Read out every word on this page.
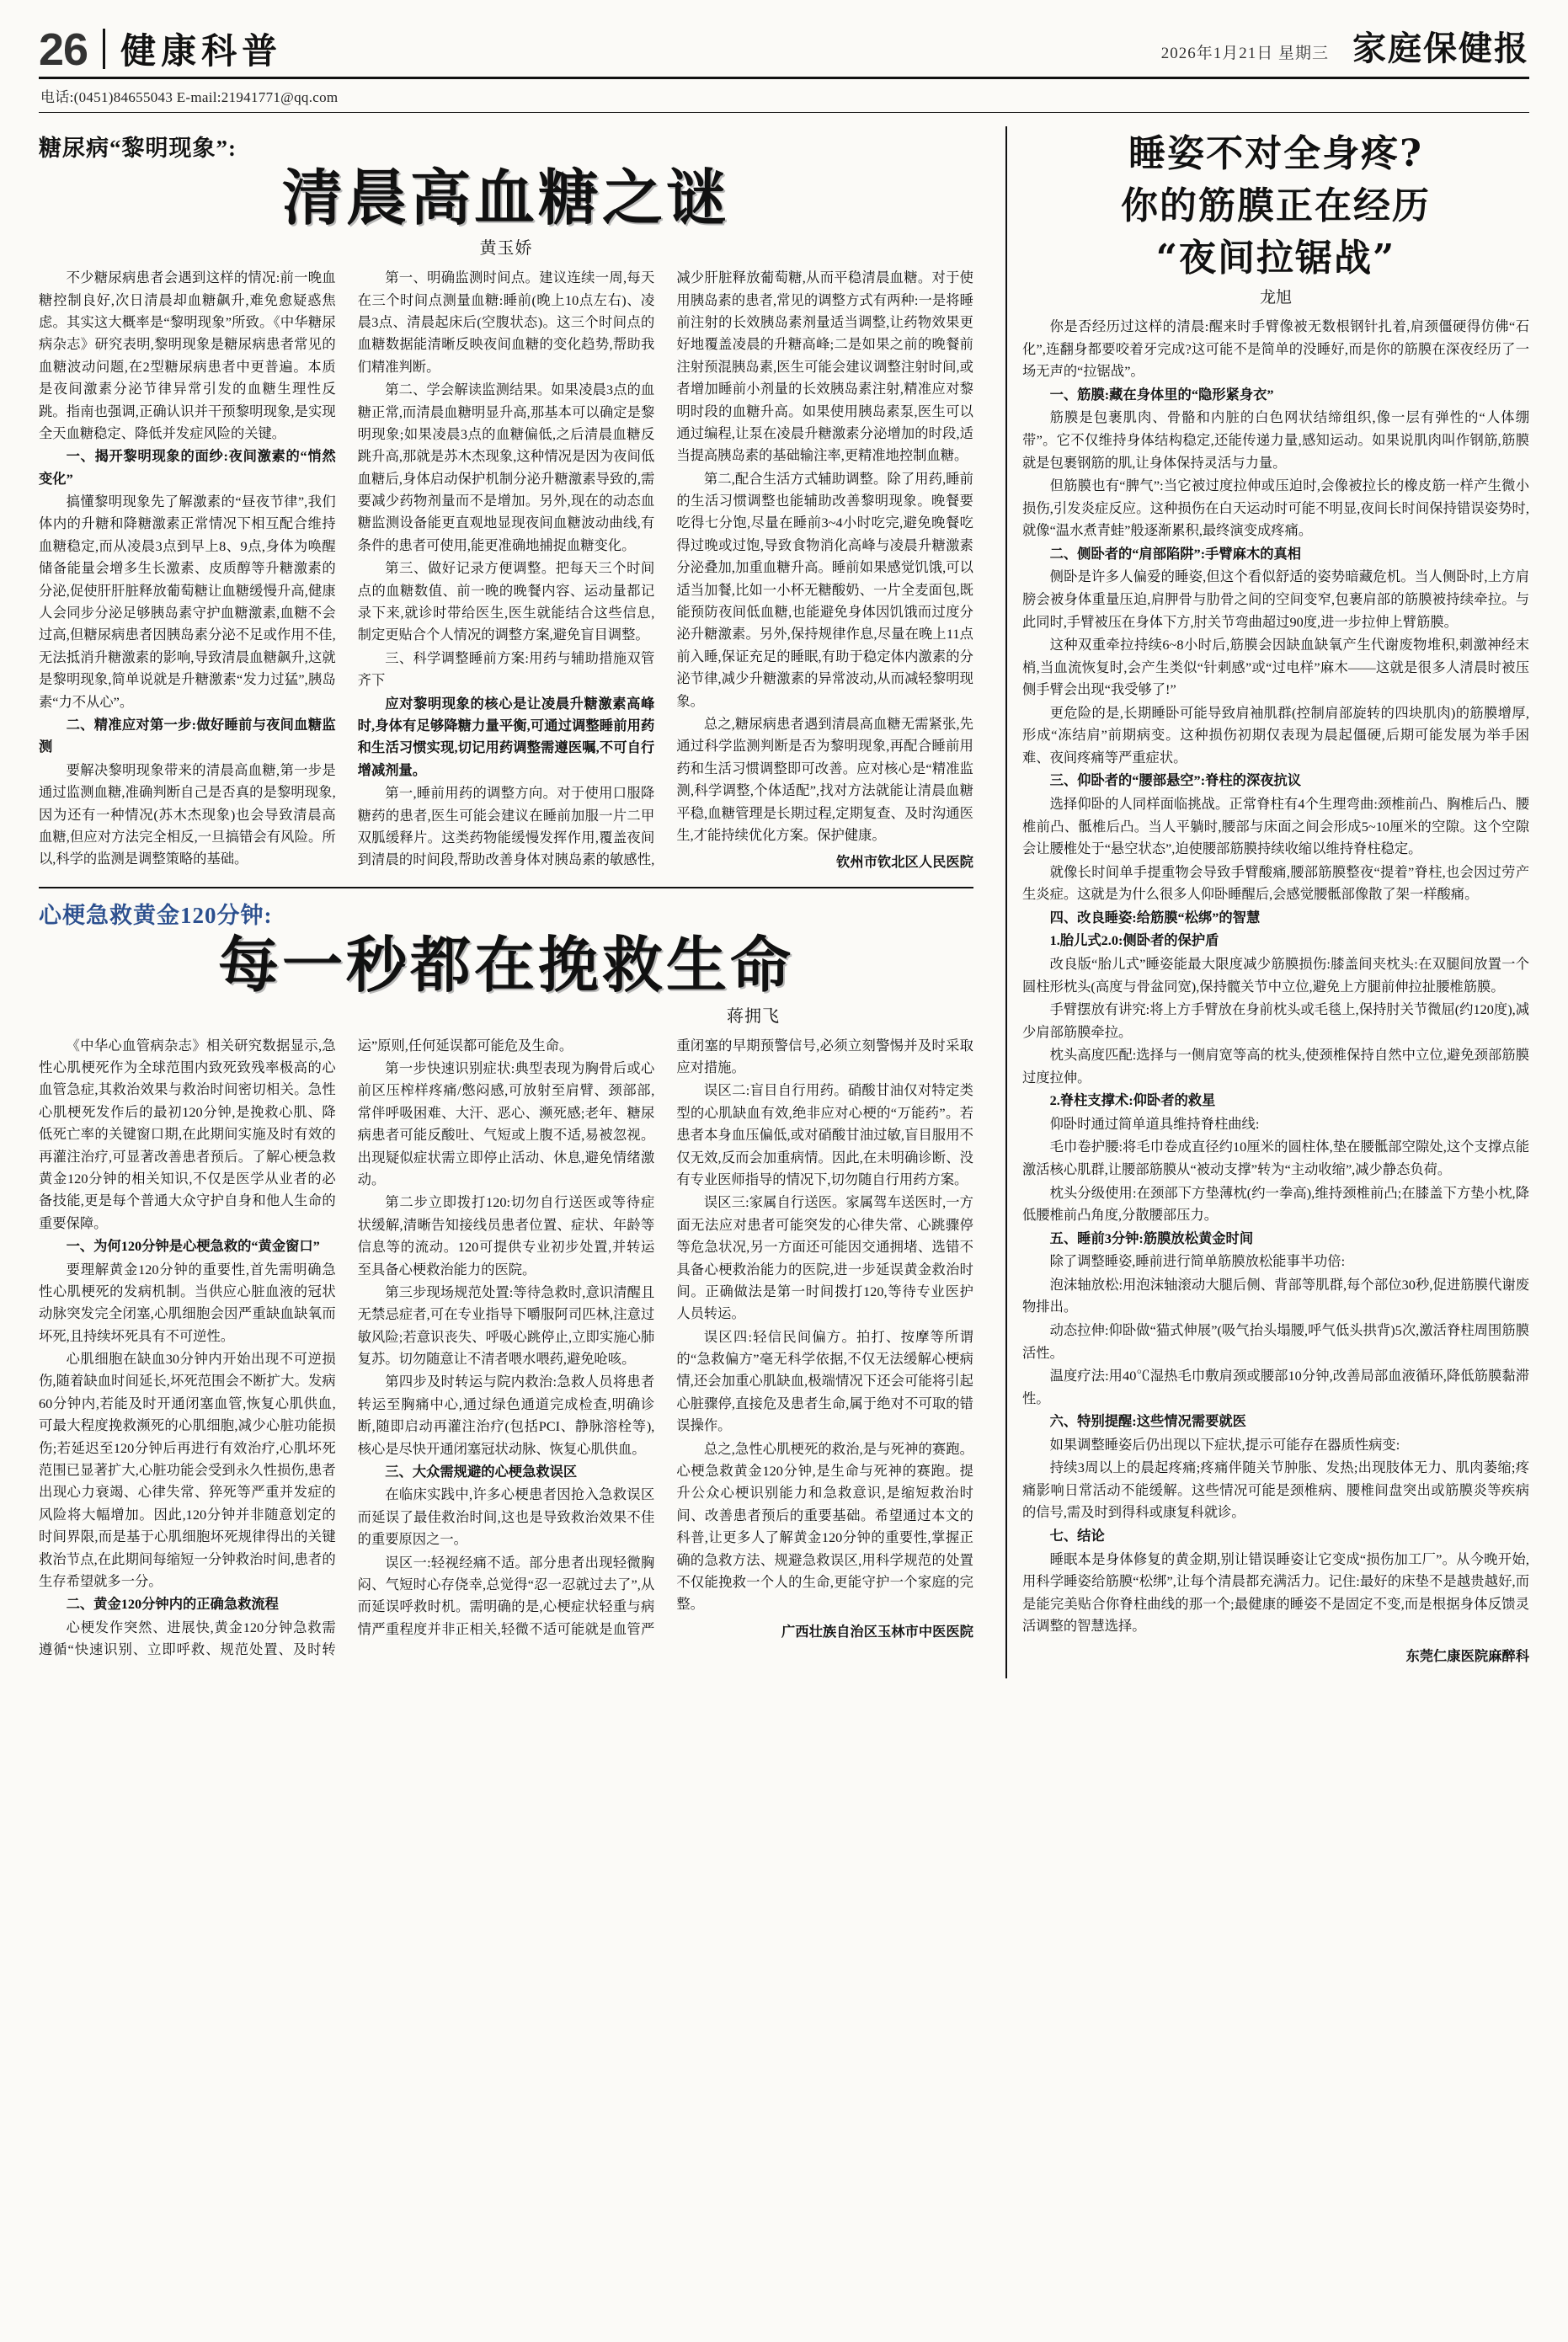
26 健康科普	2026年1月21日 星期三 家庭保健报
电话:(0451)84655043 E-mail:21941771@qq.com
糖尿病“黎明现象”:
清晨高血糖之谜
黄玉娇

不少糖尿病患者会遇到这样的情况:前一晚血糖控制良好,次日清晨却血糖飙升,难免愈疑惑焦虑。其实这大概率是“黎明现象”所致。《中华糖尿病杂志》研究表明,黎明现象是糖尿病患者常见的血糖波动问题,在2型糖尿病患者中更普遍。本质是夜间激素分泌节律异常引发的血糖生理性反跳。指南也强调,正确认识并干预黎明现象,是实现全天血糖稳定、降低并发症风险的关键。

一、揭开黎明现象的面纱:夜间激素的“悄然变化”

搞懂黎明现象先了解激素的“昼夜节律”,我们体内的升糖和降糖激素正常情况下相互配合维持血糖稳定,而从凌晨3点到早上8、9点,身体为唤醒储备能量会增多生长激素、皮质醇等升糖激素的分泌,促使肝肝脏释放葡萄糖让血糖缓慢升高,健康人会同步分泌足够胰岛素守护血糖激素,血糖不会过高,但糖尿病患者因胰岛素分泌不足或作用不佳,无法抵消升糖激素的影响,导致清晨血糖飙升,这就是黎明现象,简单说就是升糖激素“发力过猛”,胰岛素“力不从心”。

二、精准应对第一步:做好睡前与夜间血糖监测

要解决黎明现象带来的清晨高血糖,第一步是通过监测血糖,准确判断自己是否真的是黎明现象,因为还有一种情况(苏木杰现象)也会导致清晨高血糖,但应对方法完全相反,一旦搞错会有风险。所以,科学的监测是调整策略的基础。

第一、明确监测时间点。建议连续一周,每天在三个时间点测量血糖:睡前(晚上10点左右)、凌晨3点、清晨起床后(空腹状态)。这三个时间点的血糖数据能清晰反映夜间血糖的变化趋势,帮助我们精准判断。

第二、学会解读监测结果。如果凌晨3点的血糖正常,而清晨血糖明显升高,那基本可以确定是黎明现象;如果凌晨3点的血糖偏低,之后清晨血糖反跳升高,那就是苏木杰现象,这种情况是因为夜间低血糖后,身体启动保护机制分泌升糖激素导致的,需要减少药物剂量而不是增加。另外,现在的动态血糖监测设备能更直观地显现夜间血糖波动曲线,有条件的患者可使用,能更准确地捕捉血糖变化。

第三、做好记录方便调整。把每天三个时间点的血糖数值、前一晚的晚餐内容、运动量都记录下来,就诊时带给医生,医生就能结合这些信息,制定更贴合个人情况的调整方案,避免盲目调整。

三、科学调整睡前方案:用药与辅助措施双管齐下

应对黎明现象的核心是让凌晨升糖激素高峰时,身体有足够降糖力量平衡,可通过调整睡前用药和生活习惯实现,切记用药调整需遵医嘱,不可自行增减剂量。

第一,睡前用药的调整方向。对于使用口服降糖药的患者,医生可能会建议在睡前加服一片二甲双胍缓释片。这类药物能缓慢发挥作用,覆盖夜间到清晨的时间段,帮助改善身体对胰岛素的敏感性,减少肝脏释放葡萄糖,从而平稳清晨血糖。对于使用胰岛素的患者,常见的调整方式有两种:一是将睡前注射的长效胰岛素剂量适当调整,让药物效果更好地覆盖凌晨的升糖高峰;二是如果之前的晚餐前注射预混胰岛素,医生可能会建议调整注射时间,或者增加睡前小剂量的长效胰岛素注射,精准应对黎明时段的血糖升高。如果使用胰岛素泵,医生可以通过编程,让泵在凌晨升糖激素分泌增加的时段,适当提高胰岛素的基础输注率,更精准地控制血糖。

第二,配合生活方式辅助调整。除了用药,睡前的生活习惯调整也能辅助改善黎明现象。晚餐要吃得七分饱,尽量在睡前3~4小时吃完,避免晚餐吃得过晚或过饱,导致食物消化高峰与凌晨升糖激素分泌叠加,加重血糖升高。睡前如果感觉饥饿,可以适当加餐,比如一小杯无糖酸奶、一片全麦面包,既能预防夜间低血糖,也能避免身体因饥饿而过度分泌升糖激素。另外,保持规律作息,尽量在晚上11点前入睡,保证充足的睡眠,有助于稳定体内激素的分泌节律,减少升糖激素的异常波动,从而减轻黎明现象。

总之,糖尿病患者遇到清晨高血糖无需紧张,先通过科学监测判断是否为黎明现象,再配合睡前用药和生活习惯调整即可改善。应对核心是“精准监测,科学调整,个体适配”,找对方法就能让清晨血糖平稳,血糖管理是长期过程,定期复查、及时沟通医生,才能持续优化方案。保护健康。

钦州市钦北区人民医院

心梗急救黄金120分钟:
每一秒都在挽救生命
蒋拥飞

《中华心血管病杂志》相关研究数据显示,急性心肌梗死作为全球范围内致死致残率极高的心血管急症,其救治效果与救治时间密切相关。急性心肌梗死发作后的最初120分钟,是挽救心肌、降低死亡率的关键窗口期,在此期间实施及时有效的再灌注治疗,可显著改善患者预后。了解心梗急救黄金120分钟的相关知识,不仅是医学从业者的必备技能,更是每个普通大众守护自身和他人生命的重要保障。

一、为何120分钟是心梗急救的“黄金窗口”

要理解黄金120分钟的重要性,首先需明确急性心肌梗死的发病机制。当供应心脏血液的冠状动脉突发完全闭塞,心肌细胞会因严重缺血缺氧而坏死,且持续坏死具有不可逆性。

心肌细胞在缺血30分钟内开始出现不可逆损伤,随着缺血时间延长,坏死范围会不断扩大。发病60分钟内,若能及时开通闭塞血管,恢复心肌供血,可最大程度挽救濒死的心肌细胞,减少心脏功能损伤;若延迟至120分钟后再进行有效治疗,心肌坏死范围已显著扩大,心脏功能会受到永久性损伤,患者出现心力衰竭、心律失常、猝死等严重并发症的风险将大幅增加。因此,120分钟并非随意划定的时间界限,而是基于心肌细胞坏死规律得出的关键救治节点,在此期间每缩短一分钟救治时间,患者的生存希望就多一分。

二、黄金120分钟内的正确急救流程

心梗发作突然、进展快,黄金120分钟急救需遵循“快速识别、立即呼救、规范处置、及时转运”原则,任何延误都可能危及生命。

第一步快速识别症状:典型表现为胸骨后或心前区压榨样疼痛/憋闷感,可放射至肩臂、颈部部,常伴呼吸困难、大汗、恶心、濒死感;老年、糖尿病患者可能反酸吐、气短或上腹不适,易被忽视。出现疑似症状需立即停止活动、休息,避免情绪激动。

第二步立即拨打120:切勿自行送医或等待症状缓解,清晰告知接线员患者位置、症状、年龄等信息等的流动。120可提供专业初步处置,并转运至具备心梗救治能力的医院。

第三步现场规范处置:等待急救时,意识清醒且无禁忌症者,可在专业指导下嚼服阿司匹林,注意过敏风险;若意识丧失、呼吸心跳停止,立即实施心肺复苏。切勿随意让不清者喂水喂药,避免呛咳。

第四步及时转运与院内救治:急救人员将患者转运至胸痛中心,通过绿色通道完成检查,明确诊断,随即启动再灌注治疗(包括PCI、静脉溶栓等),核心是尽快开通闭塞冠状动脉、恢复心肌供血。

三、大众需规避的心梗急救误区

在临床实践中,许多心梗患者因抢入急救误区而延误了最佳救治时间,这也是导致救治效果不佳的重要原因之一。

误区一:轻视经痛不适。部分患者出现轻微胸闷、气短时心存侥幸,总觉得“忍一忍就过去了”,从而延误呼救时机。需明确的是,心梗症状轻重与病情严重程度并非正相关,轻微不适可能就是血管严重闭塞的早期预警信号,必须立刻警惕并及时采取应对措施。

误区二:盲目自行用药。硝酸甘油仅对特定类型的心肌缺血有效,绝非应对心梗的“万能药”。若患者本身血压偏低,或对硝酸甘油过敏,盲目服用不仅无效,反而会加重病情。因此,在未明确诊断、没有专业医师指导的情况下,切勿随自行用药方案。

误区三:家属自行送医。家属驾车送医时,一方面无法应对患者可能突发的心律失常、心跳骤停等危急状况,另一方面还可能因交通拥堵、选错不具备心梗救治能力的医院,进一步延误黄金救治时间。正确做法是第一时间拨打120,等待专业医护人员转运。

误区四:轻信民间偏方。拍打、按摩等所谓的“急救偏方”毫无科学依据,不仅无法缓解心梗病情,还会加重心肌缺血,极端情况下还会可能将引起心脏骤停,直接危及患者生命,属于绝对不可取的错误操作。

总之,急性心肌梗死的救治,是与死神的赛跑。心梗急救黄金120分钟,是生命与死神的赛跑。提升公众心梗识别能力和急救意识,是缩短救治时间、改善患者预后的重要基础。希望通过本文的科普,让更多人了解黄金120分钟的重要性,掌握正确的急救方法、规避急救误区,用科学规范的处置不仅能挽救一个人的生命,更能守护一个家庭的完整。

广西壮族自治区玉林市中医医院

睡姿不对全身疼?
你的筋膜正在经历
“夜间拉锯战”
龙旭

你是否经历过这样的清晨:醒来时手臂像被无数根钢针扎着,肩颈僵硬得仿佛“石化”,连翻身都要咬着牙完成?这可能不是简单的没睡好,而是你的筋膜在深夜经历了一场无声的“拉锯战”。

一、筋膜:藏在身体里的“隐形紧身衣”

筋膜是包裹肌肉、骨骼和内脏的白色网状结缔组织,像一层有弹性的“人体绷带”。它不仅维持身体结构稳定,还能传递力量,感知运动。如果说肌肉叫作钢筋,筋膜就是包裹钢筋的肌,让身体保持灵活与力量。

但筋膜也有“脾气”:当它被过度拉伸或压迫时,会像被拉长的橡皮筋一样产生微小损伤,引发炎症反应。这种损伤在白天运动时可能不明显,夜间长时间保持错误姿势时,就像“温水煮青蛙”般逐渐累积,最终演变成疼痛。

二、侧卧者的“肩部陷阱”:手臂麻木的真相

侧卧是许多人偏爱的睡姿,但这个看似舒适的姿势暗藏危机。当人侧卧时,上方肩膀会被身体重量压迫,肩胛骨与肋骨之间的空间变窄,包裹肩部的筋膜被持续牵拉。与此同时,手臂被压在身体下方,肘关节弯曲超过90度,进一步拉伸上臂筋膜。

这种双重牵拉持续6~8小时后,筋膜会因缺血缺氧产生代谢废物堆积,刺激神经末梢,当血流恢复时,会产生类似“针刺感”或“过电样”麻木——这就是很多人清晨时被压侧手臂会出现“我受够了!”

更危险的是,长期睡卧可能导致肩袖肌群(控制肩部旋转的四块肌肉)的筋膜增厚,形成“冻结肩”前期病变。这种损伤初期仅表现为晨起僵硬,后期可能发展为举手困难、夜间疼痛等严重症状。

三、仰卧者的“腰部悬空”:脊柱的深夜抗议

选择仰卧的人同样面临挑战。正常脊柱有4个生理弯曲:颈椎前凸、胸椎后凸、腰椎前凸、骶椎后凸。当人平躺时,腰部与床面之间会形成5~10厘米的空隙。这个空隙会让腰椎处于“悬空状态”,迫使腰部筋膜持续收缩以维持脊柱稳定。

就像长时间单手提重物会导致手臂酸痛,腰部筋膜整夜“提着”脊柱,也会因过劳产生炎症。这就是为什么很多人仰卧睡醒后,会感觉腰骶部像散了架一样酸痛。

四、改良睡姿:给筋膜“松绑”的智慧

1.胎儿式2.0:侧卧者的保护盾

改良版“胎儿式”睡姿能最大限度减少筋膜损伤:膝盖间夹枕头:在双腿间放置一个圆柱形枕头(高度与骨盆同宽),保持髋关节中立位,避免上方腿前伸拉扯腰椎筋膜。

手臂摆放有讲究:将上方手臂放在身前枕头或毛毯上,保持肘关节微屈(约120度),减少肩部筋膜牵拉。

枕头高度匹配:选择与一侧肩宽等高的枕头,使颈椎保持自然中立位,避免颈部筋膜过度拉伸。

2.脊柱支撑术:仰卧者的救星

仰卧时通过简单道具维持脊柱曲线:

毛巾卷护腰:将毛巾卷成直径约10厘米的圆柱体,垫在腰骶部空隙处,这个支撑点能激活核心肌群,让腰部筋膜从“被动支撑”转为“主动收缩”,减少静态负荷。

枕头分级使用:在颈部下方垫薄枕(约一拳高),维持颈椎前凸;在膝盖下方垫小枕,降低腰椎前凸角度,分散腰部压力。

五、睡前3分钟:筋膜放松黄金时间

除了调整睡姿,睡前进行简单筋膜放松能事半功倍:

泡沫轴放松:用泡沫轴滚动大腿后侧、背部等肌群,每个部位30秒,促进筋膜代谢废物排出。

动态拉伸:仰卧做“猫式伸展”(吸气抬头塌腰,呼气低头拱背)5次,激活脊柱周围筋膜活性。

温度疗法:用40℃湿热毛巾敷肩颈或腰部10分钟,改善局部血液循环,降低筋膜黏滞性。

六、特别提醒:这些情况需要就医

如果调整睡姿后仍出现以下症状,提示可能存在器质性病变:

持续3周以上的晨起疼痛;疼痛伴随关节肿胀、发热;出现肢体无力、肌肉萎缩;疼痛影响日常活动不能缓解。这些情况可能是颈椎病、腰椎间盘突出或筋膜炎等疾病的信号,需及时到得科或康复科就诊。

七、结论

睡眠本是身体修复的黄金期,别让错误睡姿让它变成“损伤加工厂”。从今晚开始,用科学睡姿给筋膜“松绑”,让每个清晨都充满活力。记住:最好的床垫不是越贵越好,而是能完美贴合你脊柱曲线的那一个;最健康的睡姿不是固定不变,而是根据身体反馈灵活调整的智慧选择。

东莞仁康医院麻醉科
